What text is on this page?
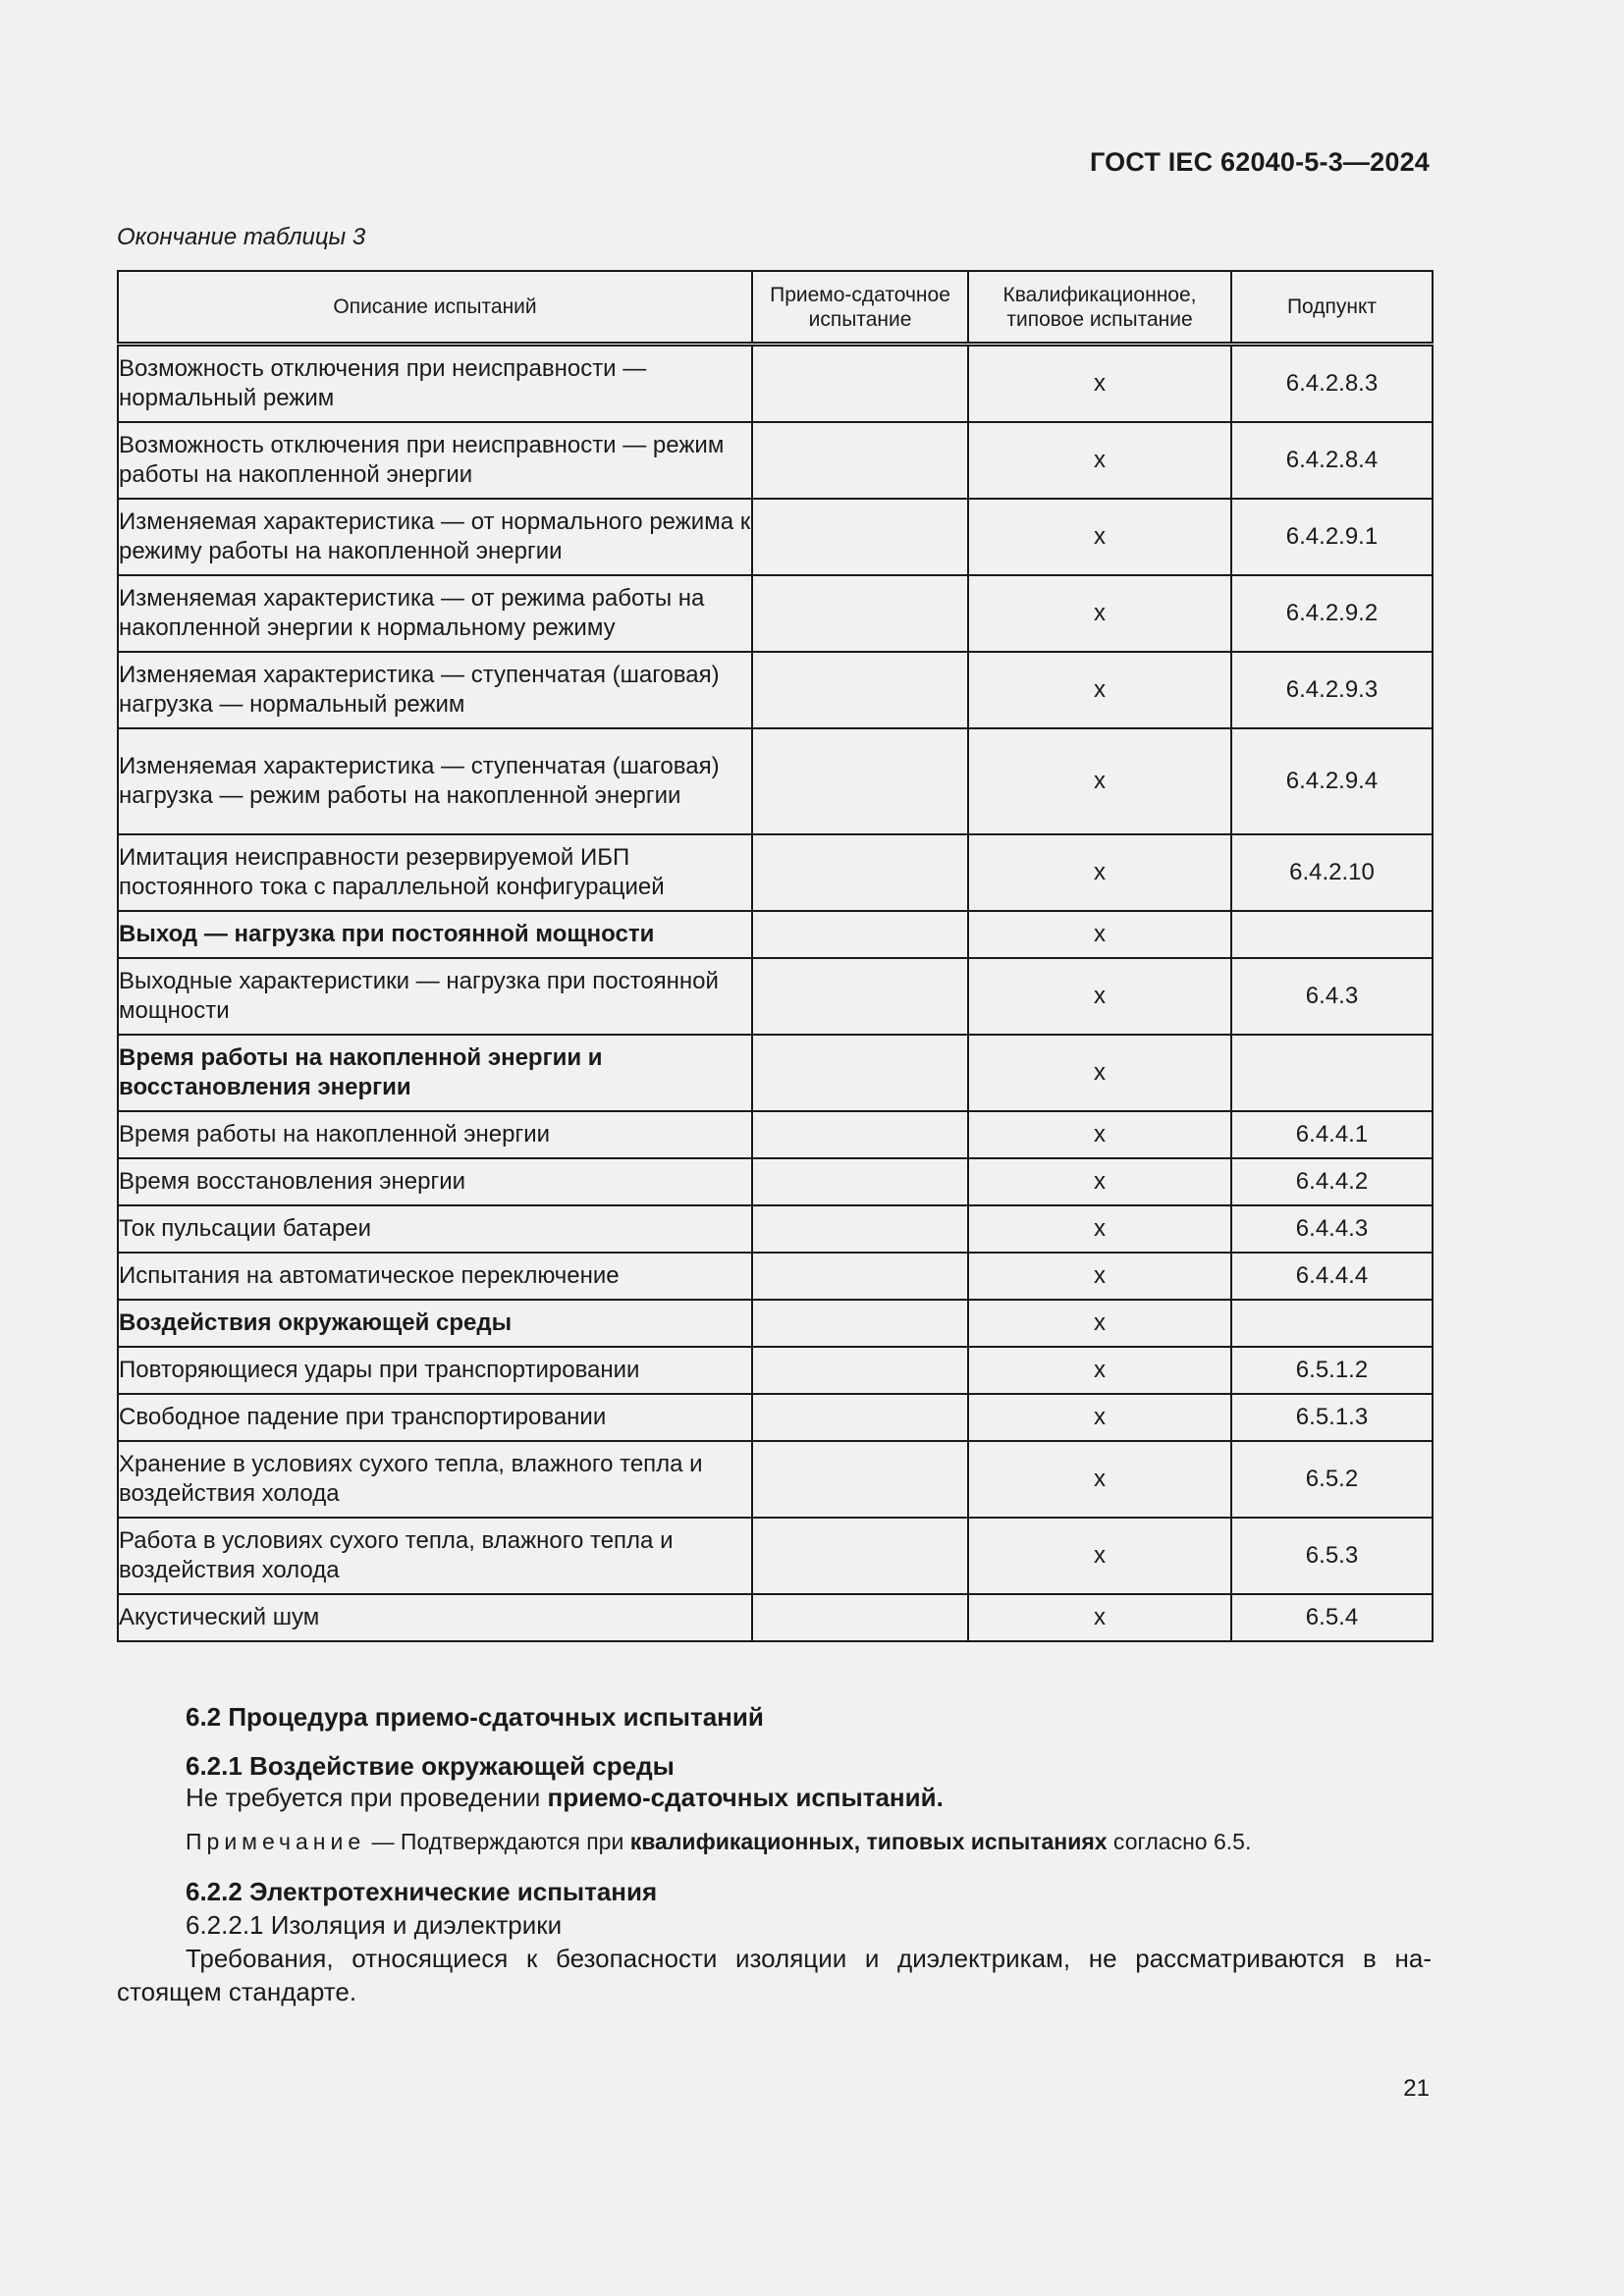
ГОСТ IEC 62040-5-3—2024
Окончание таблицы 3
Описание испытаний	Приемо-сдаточное испытание	Квалификационное, типовое испытание	Подпункт
Возможность отключения при неисправности — нормальный режим		x	6.4.2.8.3
Возможность отключения при неисправности — режим работы на накопленной энергии		x	6.4.2.8.4
Изменяемая характеристика — от нормального режима к режиму работы на накопленной энергии		x	6.4.2.9.1
Изменяемая характеристика — от режима работы на накопленной энергии к нормальному режиму		x	6.4.2.9.2
Изменяемая характеристика — ступенчатая (шаговая) нагрузка — нормальный режим		x	6.4.2.9.3
Изменяемая характеристика — ступенчатая (шаговая) нагрузка — режим работы на накопленной энергии		x	6.4.2.9.4
Имитация неисправности резервируемой ИБП постоянного тока с параллельной конфигурацией		x	6.4.2.10
Выход — нагрузка при постоянной мощности		x	
Выходные характеристики — нагрузка при постоянной мощности		x	6.4.3
Время работы на накопленной энергии и восстановления энергии		x	
Время работы на накопленной энергии		x	6.4.4.1
Время восстановления энергии		x	6.4.4.2
Ток пульсации батареи		x	6.4.4.3
Испытания на автоматическое переключение		x	6.4.4.4
Воздействия окружающей среды		x	
Повторяющиеся удары при транспортировании		x	6.5.1.2
Свободное падение при транспортировании		x	6.5.1.3
Хранение в условиях сухого тепла, влажного тепла и воздействия холода		x	6.5.2
Работа в условиях сухого тепла, влажного тепла и воздействия холода		x	6.5.3
Акустический шум		x	6.5.4
6.2 Процедура приемо-сдаточных испытаний
6.2.1 Воздействие окружающей среды
Не требуется при проведении приемо-сдаточных испытаний.
Примечание — Подтверждаются при квалификационных, типовых испытаниях согласно 6.5.
6.2.2 Электротехнические испытания
6.2.2.1 Изоляция и диэлектрики
Требования, относящиеся к безопасности изоляции и диэлектрикам, не рассматриваются в на-
стоящем стандарте.
21
